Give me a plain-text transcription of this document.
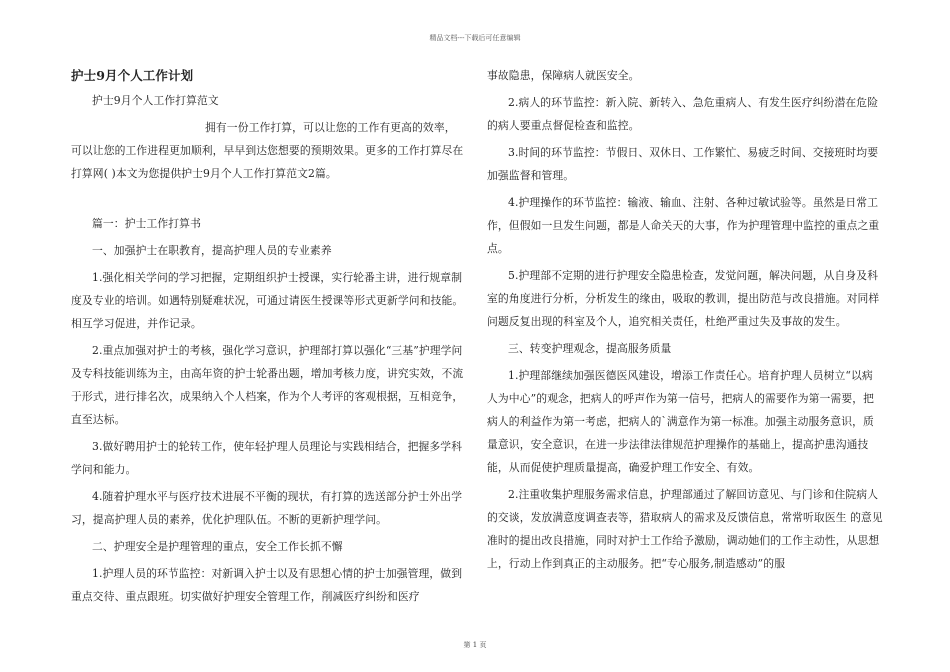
精品文档---下载后可任意编辑
护士9月个人工作计划
护士9月个人工作打算范文
拥有一份工作打算，可以让您的工作有更高的效率，
可以让您的工作进程更加顺利，早早到达您想要的预期效果。更多的工作打算尽在打算网( )本文为您提供护士9月个人工作打算范文2篇。
篇一：护士工作打算书
一、加强护士在职教育，提高护理人员的专业素养
1.强化相关学问的学习把握，定期组织护士授课，实行轮番主讲，进行规章制度及专业的培训。如遇特别疑难状况，可通过请医生授课等形式更新学问和技能。相互学习促进，并作记录。
2.重点加强对护士的考核，强化学习意识，护理部打算以强化“三基”护理学问及专科技能训练为主，由高年资的护士轮番出题，增加考核力度，讲究实效，不流于形式，进行排名次，成果纳入个人档案，作为个人考评的客观根据，互相竞争，直至达标。
3.做好聘用护士的轮转工作，使年轻护理人员理论与实践相结合，把握多学科学问和能力。
4.随着护理水平与医疗技术进展不平衡的现状，有打算的选送部分护士外出学习，提高护理人员的素养，优化护理队伍。不断的更新护理学问。
二、护理安全是护理管理的重点，安全工作长抓不懈
1.护理人员的环节监控：对新调入护士以及有思想心情的护士加强管理，做到重点交待、重点跟班。切实做好护理安全管理工作，削减医疗纠纷和医疗
事故隐患，保障病人就医安全。
2.病人的环节监控：新入院、新转入、急危重病人、有发生医疗纠纷潜在危险的病人要重点督促检查和监控。
3.时间的环节监控：节假日、双休日、工作繁忙、易疲乏时间、交接班时均要加强监督和管理。
4.护理操作的环节监控：输液、输血、注射、各种过敏试验等。虽然是日常工作，但假如一旦发生问题，都是人命关天的大事，作为护理管理中监控的重点之重点。
5.护理部不定期的进行护理安全隐患检查，发觉问题，解决问题，从自身及科室的角度进行分析，分析发生的缘由，吸取的教训，提出防范与改良措施。对同样问题反复出现的科室及个人，追究相关责任，杜绝严重过失及事故的发生。
三、转变护理观念，提高服务质量
1.护理部继续加强医德医风建设，增添工作责任心。培育护理人员树立“以病人为中心”的观念，把病人的呼声作为第一信号，把病人的需要作为第一需要，把病人的利益作为第一考虑，把病人的`满意作为第一标准。加强主动服务意识，质量意识，安全意识，在进一步法律法律规范护理操作的基础上，提高护患沟通技能，从而促使护理质量提高，确爱护理工作安全、有效。
2.注重收集护理服务需求信息，护理部通过了解回访意见、与门诊和住院病人的交谈，发放满意度调查表等，猎取病人的需求及反馈信息，常常听取医生 的意见准时的提出改良措施，同时对护士工作给予激励，调动她们的工作主动性，从思想上，行动上作到真正的主动服务。把“专心服务,制造感动”的服
第 1 页
